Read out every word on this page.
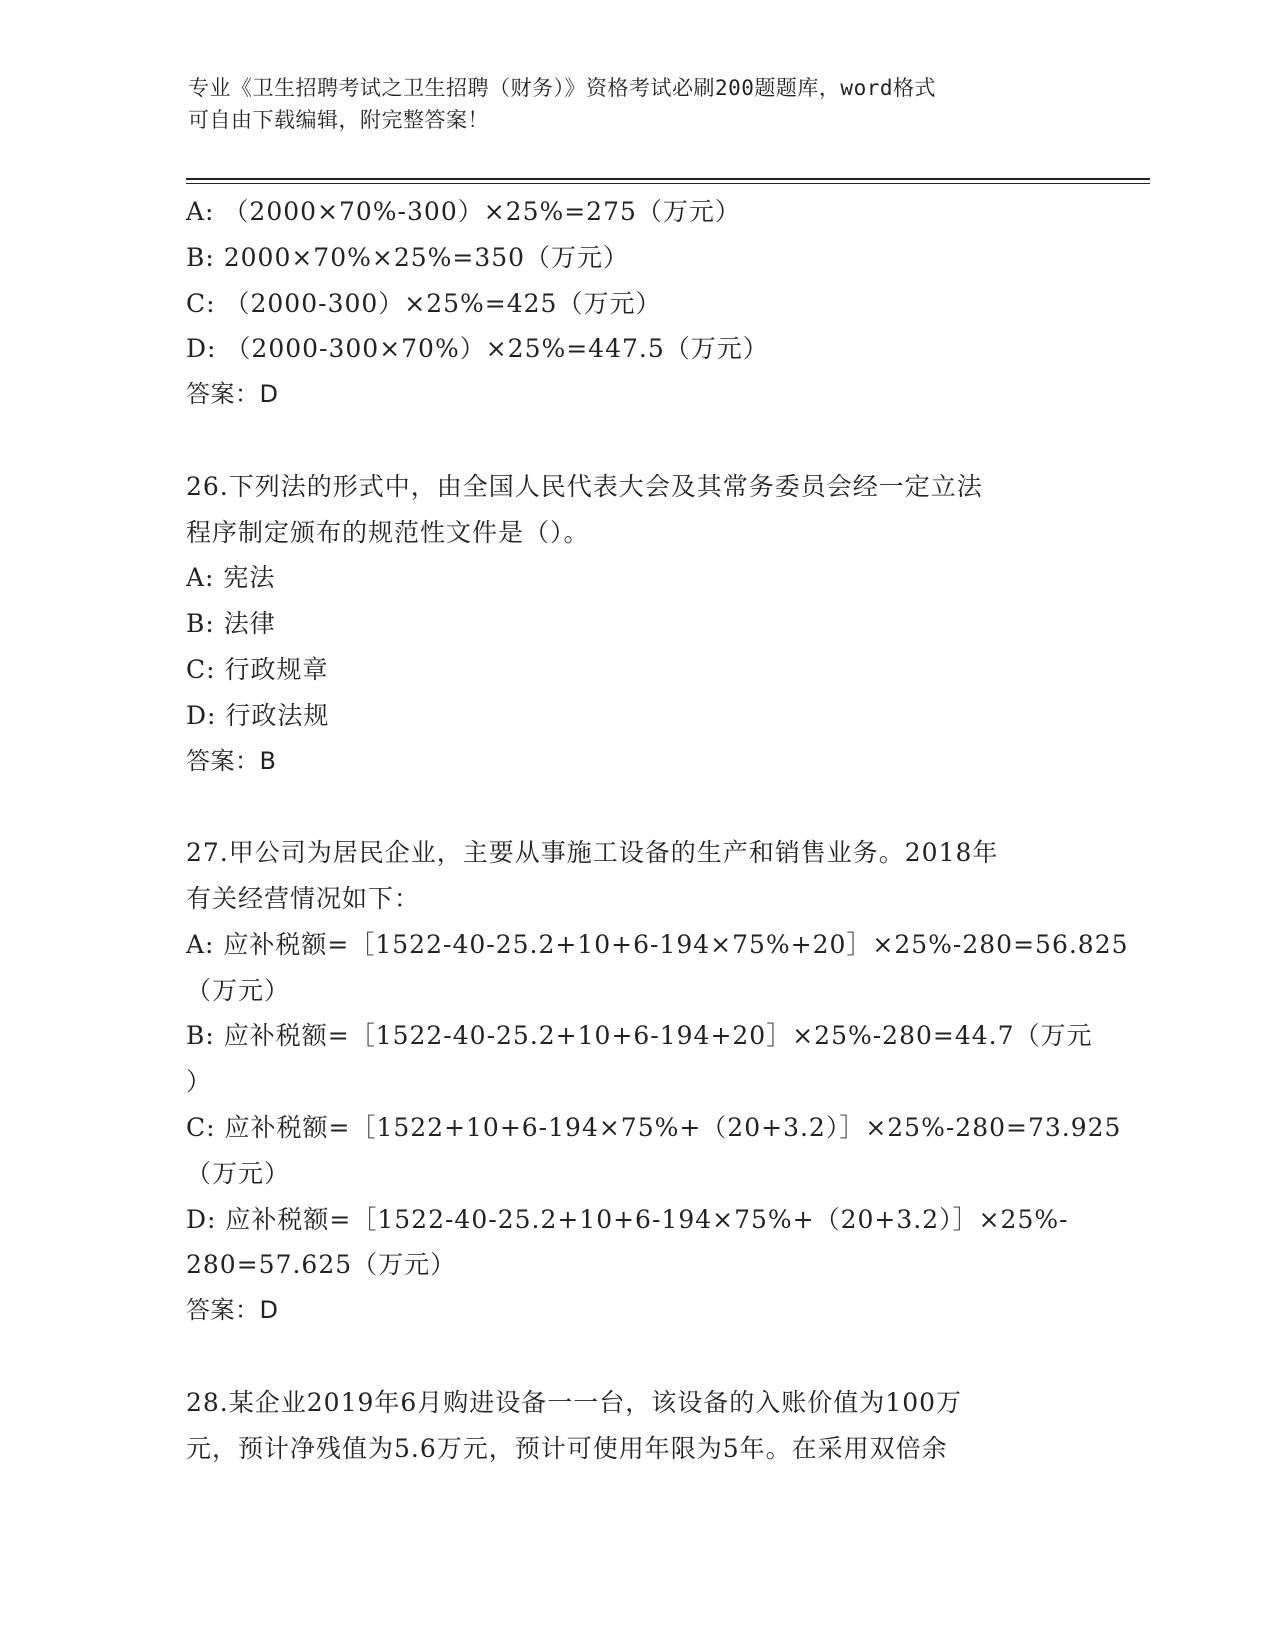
专业《卫生招聘考试之卫生招聘（财务）》资格考试必刷200题题库，word格式
可自由下载编辑，附完整答案！
A: （2000×70%-300）×25%=275（万元）
B: 2000×70%×25%=350（万元）
C: （2000-300）×25%=425（万元）
D: （2000-300×70%）×25%=447.5（万元）
答案：D
26.下列法的形式中，由全国人民代表大会及其常务委员会经一定立法
程序制定颁布的规范性文件是（）。
A: 宪法
B: 法律
C: 行政规章
D: 行政法规
答案：B
27.甲公司为居民企业，主要从事施工设备的生产和销售业务。2018年
有关经营情况如下：
A: 应补税额=［1522-40-25.2+10+6-194×75%+20］×25%-280=56.825
（万元）
B: 应补税额=［1522-40-25.2+10+6-194+20］×25%-280=44.7（万元
）
C: 应补税额=［1522+10+6-194×75%+（20+3.2）］×25%-280=73.925
（万元）
D: 应补税额=［1522-40-25.2+10+6-194×75%+（20+3.2）］×25%-
280=57.625（万元）
答案：D
28.某企业2019年6月购进设备一一台，该设备的入账价值为100万
元，预计净残值为5.6万元，预计可使用年限为5年。在采用双倍余
